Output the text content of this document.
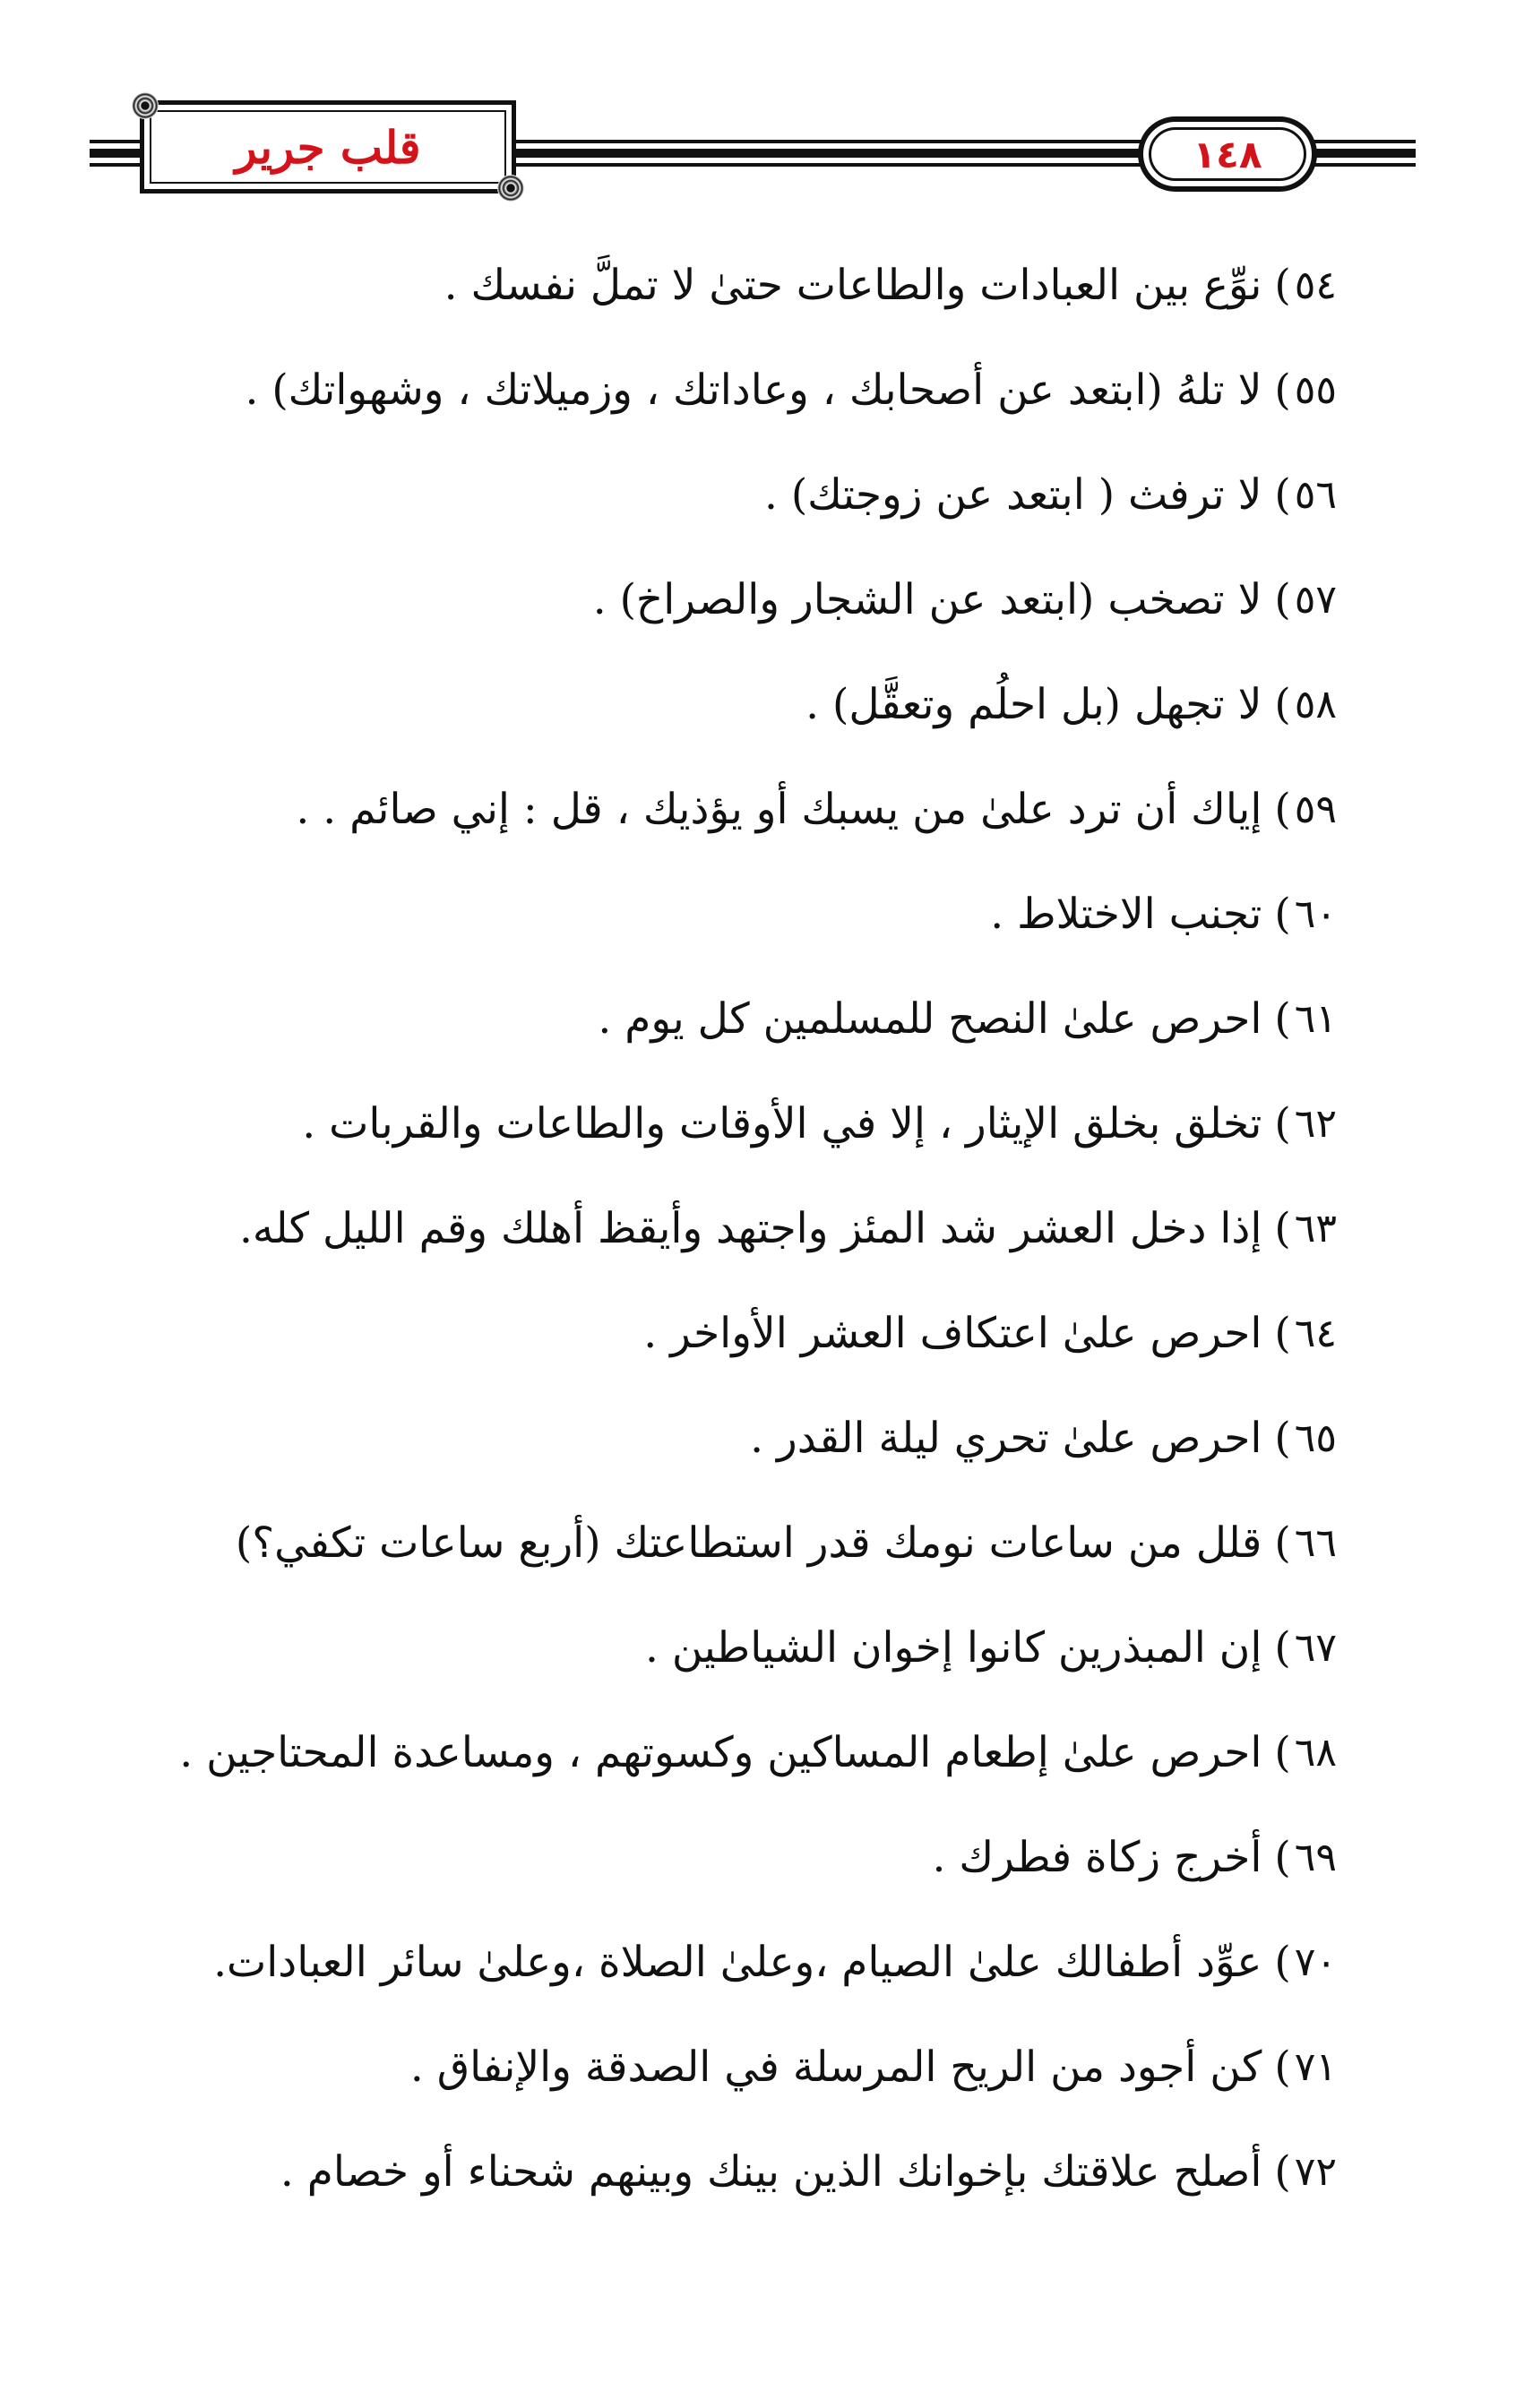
قلب جرير	١٤٨
٥٤
)
نوِّع بين العبادات والطاعات حتىٰ لا تملَّ نفسك .
٥٥
)
لا تلهُ (ابتعد عن أصحابك ، وعاداتك ، وزميلاتك ، وشهواتك) .
٥٦
)
لا ترفث ( ابتعد عن زوجتك) .
٥٧
)
لا تصخب (ابتعد عن الشجار والصراخ) .
٥٨
)
لا تجهل (بل احلُم وتعقَّل) .
٥٩
)
إياك أن ترد علىٰ من يسبك أو يؤذيك ، قل : إني صائم . .
٦٠
)
تجنب الاختلاط .
٦١
)
احرص علىٰ النصح للمسلمين كل يوم .
٦٢
)
تخلق بخلق الإيثار ، إلا في الأوقات والطاعات والقربات .
٦٣
)
إذا دخل العشر شد المئز واجتهد وأيقظ أهلك وقم الليل كله.
٦٤
)
احرص علىٰ اعتكاف العشر الأواخر .
٦٥
)
احرص علىٰ تحري ليلة القدر .
٦٦
)
قلل من ساعات نومك قدر استطاعتك (أربع ساعات تكفي؟)
٦٧
)
إن المبذرين كانوا إخوان الشياطين .
٦٨
)
احرص علىٰ إطعام المساكين وكسوتهم ، ومساعدة المحتاجين .
٦٩
)
أخرج زكاة فطرك .
٧٠
)
عوِّد أطفالك علىٰ الصيام ،وعلىٰ الصلاة ،وعلىٰ سائر العبادات.
٧١
)
كن أجود من الريح المرسلة في الصدقة والإنفاق .
٧٢
)
أصلح علاقتك بإخوانك الذين بينك وبينهم شحناء أو خصام .
